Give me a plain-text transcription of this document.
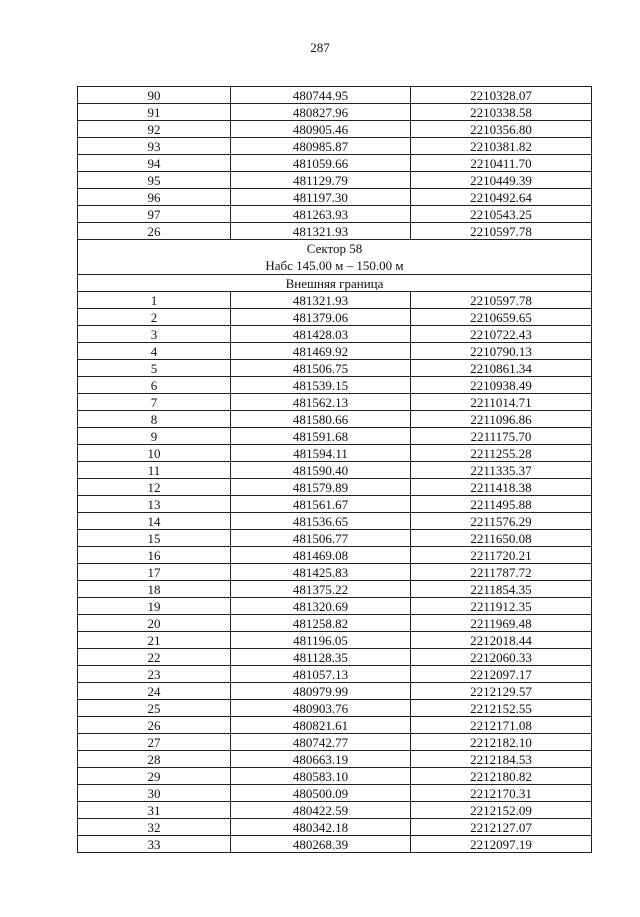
287
90	480744.95	2210328.07
91	480827.96	2210338.58
92	480905.46	2210356.80
93	480985.87	2210381.82
94	481059.66	2210411.70
95	481129.79	2210449.39
96	481197.30	2210492.64
97	481263.93	2210543.25
26	481321.93	2210597.78

Сектор 58
Набс 145.00 м – 150.00 м		

Внешняя граница		
1	481321.93	2210597.78
2	481379.06	2210659.65
3	481428.03	2210722.43
4	481469.92	2210790.13
5	481506.75	2210861.34
6	481539.15	2210938.49
7	481562.13	2211014.71
8	481580.66	2211096.86
9	481591.68	2211175.70
10	481594.11	2211255.28
11	481590.40	2211335.37
12	481579.89	2211418.38
13	481561.67	2211495.88
14	481536.65	2211576.29
15	481506.77	2211650.08
16	481469.08	2211720.21
17	481425.83	2211787.72
18	481375.22	2211854.35
19	481320.69	2211912.35
20	481258.82	2211969.48
21	481196.05	2212018.44
22	481128.35	2212060.33
23	481057.13	2212097.17
24	480979.99	2212129.57
25	480903.76	2212152.55
26	480821.61	2212171.08
27	480742.77	2212182.10
28	480663.19	2212184.53
29	480583.10	2212180.82
30	480500.09	2212170.31
31	480422.59	2212152.09
32	480342.18	2212127.07
33	480268.39	2212097.19
